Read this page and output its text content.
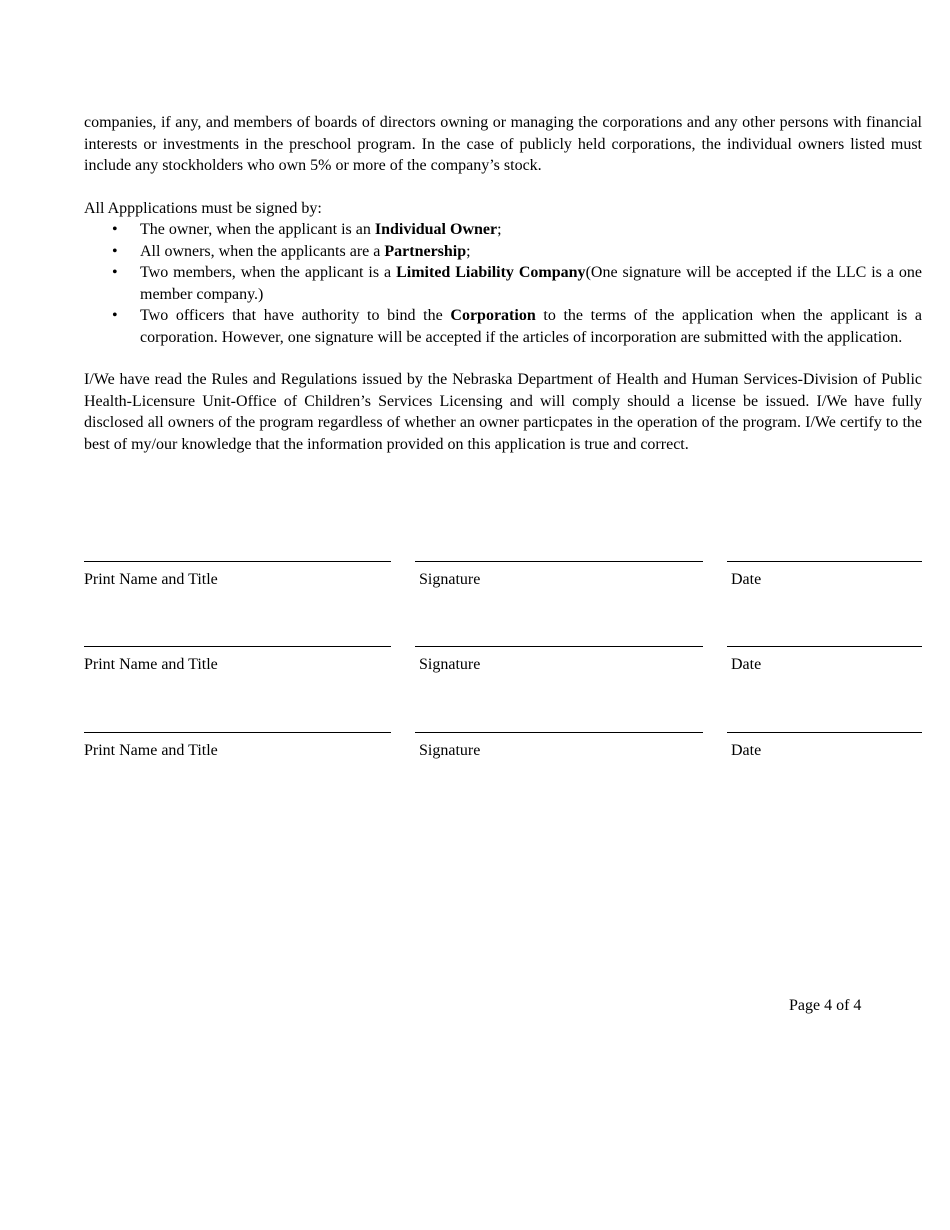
companies, if any, and members of boards of directors owning or managing the corporations and any other persons with financial interests or investments in the preschool program. In the case of publicly held corporations, the individual owners listed must include any stockholders who own 5% or more of the company’s stock.

All Appplications must be signed by:

• The owner, when the applicant is an Individual Owner;
• All owners, when the applicants are a Partnership;
• Two members, when the applicant is a Limited Liability Company(One signature will be accepted if the LLC is a one member company.)
• Two officers that have authority to bind the Corporation to the terms of the application when the applicant is a corporation. However, one signature will be accepted if the articles of incorporation are submitted with the application.

I/We have read the Rules and Regulations issued by the Nebraska Department of Health and Human Services-Division of Public Health-Licensure Unit-Office of Children’s Services Licensing and will comply should a license be issued. I/We have fully disclosed all owners of the program regardless of whether an owner particpates in the operation of the program. I/We certify to the best of my/our knowledge that the information provided on this application is true and correct.

Print Name and Title	Signature	Date
Print Name and Title	Signature	Date
Print Name and Title	Signature	Date
Page 4 of 4
